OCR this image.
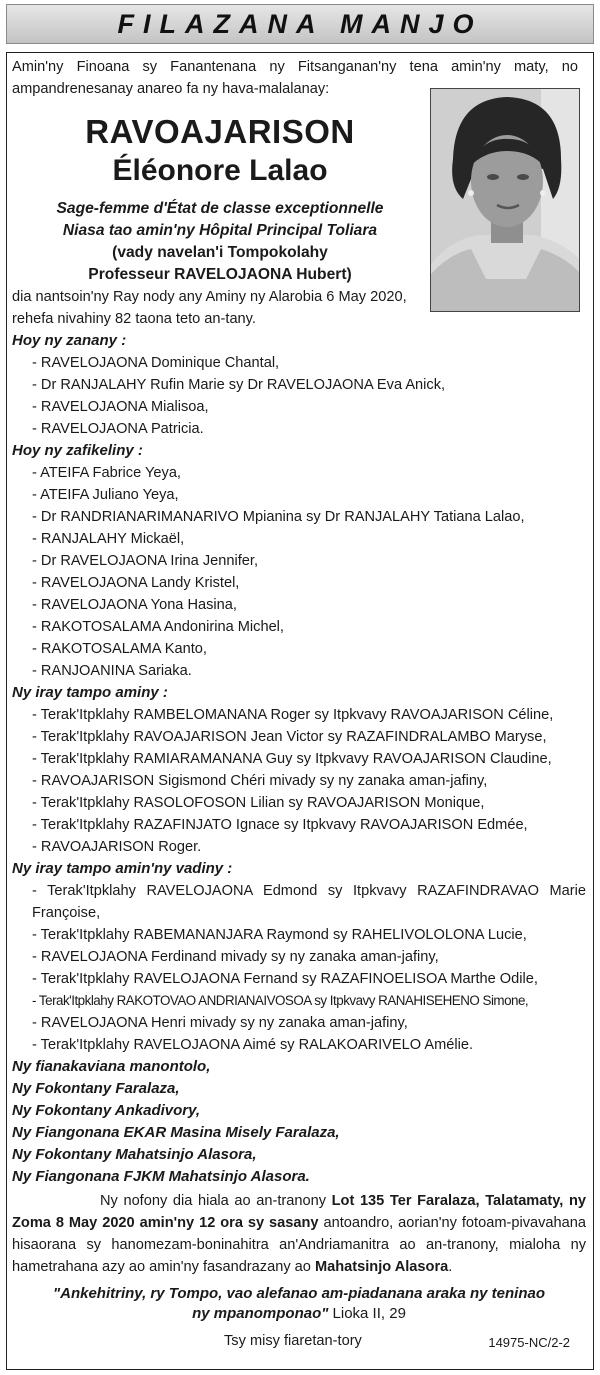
FILAZANA MANJO
Amin'ny Finoana sy Fanantenana ny Fitsanganan'ny tena amin'ny maty, no ampandrenesanay anareo fa ny hava-malalanay:
RAVOAJARISON
Éléonore Lalao
Sage-femme d'État de classe exceptionnelle
Niasa tao amin'ny Hôpital Principal Toliara
(vady navelan'i Tompokolahy
Professeur RAVELOJAONA Hubert)
dia nantsoin'ny Ray nody any Aminy ny Alarobia 6 May 2020,
rehefa nivahiny 82 taona teto an-tany.
Hoy ny zanany :
- RAVELOJAONA Dominique Chantal,
- Dr RANJALAHY Rufin Marie sy Dr RAVELOJAONA Eva Anick,
- RAVELOJAONA Mialisoa,
- RAVELOJAONA Patricia.
Hoy ny zafikeliny :
- ATEIFA Fabrice Yeya,
- ATEIFA Juliano Yeya,
- Dr RANDRIANARIMANARIVO Mpianina sy Dr RANJALAHY Tatiana Lalao,
- RANJALAHY Mickaël,
- Dr RAVELOJAONA Irina Jennifer,
- RAVELOJAONA Landy Kristel,
- RAVELOJAONA Yona Hasina,
- RAKOTOSALAMA Andonirina Michel,
- RAKOTOSALAMA Kanto,
- RANJOANINA Sariaka.
Ny iray tampo aminy :
- Terak'Itpklahy RAMBELOMANANA Roger sy Itpkvavy RAVOAJARISON Céline,
- Terak'Itpklahy RAVOAJARISON Jean Victor sy RAZAFINDRALAMBO Maryse,
- Terak'Itpklahy RAMIARAMANANA Guy sy Itpkvavy RAVOAJARISON Claudine,
- RAVOAJARISON Sigismond Chéri mivady sy ny zanaka aman-jafiny,
- Terak'Itpklahy RASOLOFOSON Lilian sy RAVOAJARISON Monique,
- Terak'Itpklahy RAZAFINJATO Ignace sy Itpkvavy RAVOAJARISON Edmée,
- RAVOAJARISON Roger.
Ny iray tampo amin'ny vadiny :
- Terak'Itpklahy RAVELOJAONA Edmond sy Itpkvavy RAZAFINDRAVAO Marie
Françoise,
- Terak'Itpklahy RABEMANANJARA Raymond sy RAHELIVOLOLONA Lucie,
- RAVELOJAONA Ferdinand mivady sy ny zanaka aman-jafiny,
- Terak'Itpklahy RAVELOJAONA Fernand sy RAZAFINOELISOA Marthe Odile,
- Terak'Itpklahy RAKOTOVAO ANDRIANAIVOSOA sy Itpkvavy RANAHISEHENO Simone,
- RAVELOJAONA Henri mivady sy ny zanaka aman-jafiny,
- Terak'Itpklahy RAVELOJAONA Aimé sy RALAKOARIVELO Amélie.
Ny fianakaviana manontolo,
Ny Fokontany Faralaza,
Ny Fokontany Ankadivory,
Ny Fiangonana EKAR Masina Misely Faralaza,
Ny Fokontany Mahatsinjo Alasora,
Ny Fiangonana FJKM Mahatsinjo Alasora.
Ny nofony dia hiala ao an-tranony Lot 135 Ter Faralaza, Talatamaty, ny Zoma 8 May 2020 amin'ny 12 ora sy sasany antoandro, aorian'ny fotoam-pivavahana hisaorana sy hanomezam-boninahitra an'Andriamanitra ao an-tranony, mialoha ny hametrahana azy ao amin'ny fasandrazany ao Mahatsinjo Alasora.
"Ankehitriny, ry Tompo, vao alefanao am-piadanana araka ny teninao
ny mpanomponao" Lioka II, 29
Tsy misy fiaretan-tory	14975-NC/2-2
